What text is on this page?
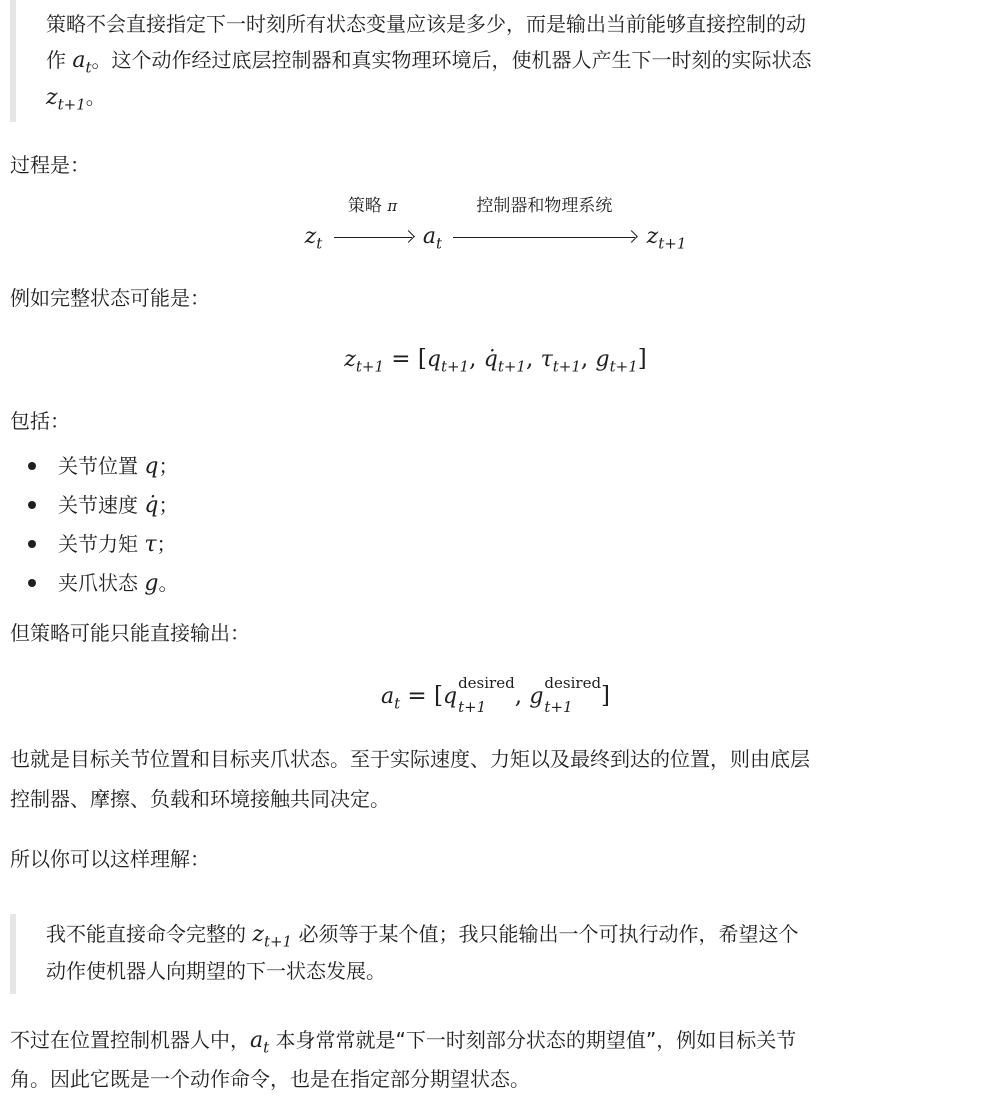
策略不会直接指定下一时刻所有状态变量应该是多少，而是输出当前能够直接控制的动
作 $a_t$。这个动作经过底层控制器和真实物理环境后，使机器人产生下一时刻的实际状态
$z_{t+1}$。

过程是：

$z_t$
策略 π
$a_t$
控制器和物理系统
$z_{t+1}$

例如完整状态可能是：

$z_{t+1} = [q_{t+1}$, $q̇_{t+1}$, $\tau_{t+1}$, $g_{t+1}$]

包括：

关节位置 q；
关节速度 q̇；
关节力矩 τ；
夹爪状态 g。

但策略可能只能直接输出：

$a_t = [q$
desired
t+1	, g
desired
t+1	]
也就是目标关节位置和目标夹爪状态。至于实际速度、力矩以及最终到达的位置，则由底层
控制器、摩擦、负载和环境接触共同决定。

所以你可以这样理解：

我不能直接命令完整的 $z_{t+1}$ 必须等于某个值；我只能输出一个可执行动作，希望这个
动作使机器人向期望的下一状态发展。
不过在位置控制机器人中，$a_t$ 本身常常就是“下一时刻部分状态的期望值”，例如目标关节
角。因此它既是一个动作命令，也是在指定部分期望状态。
